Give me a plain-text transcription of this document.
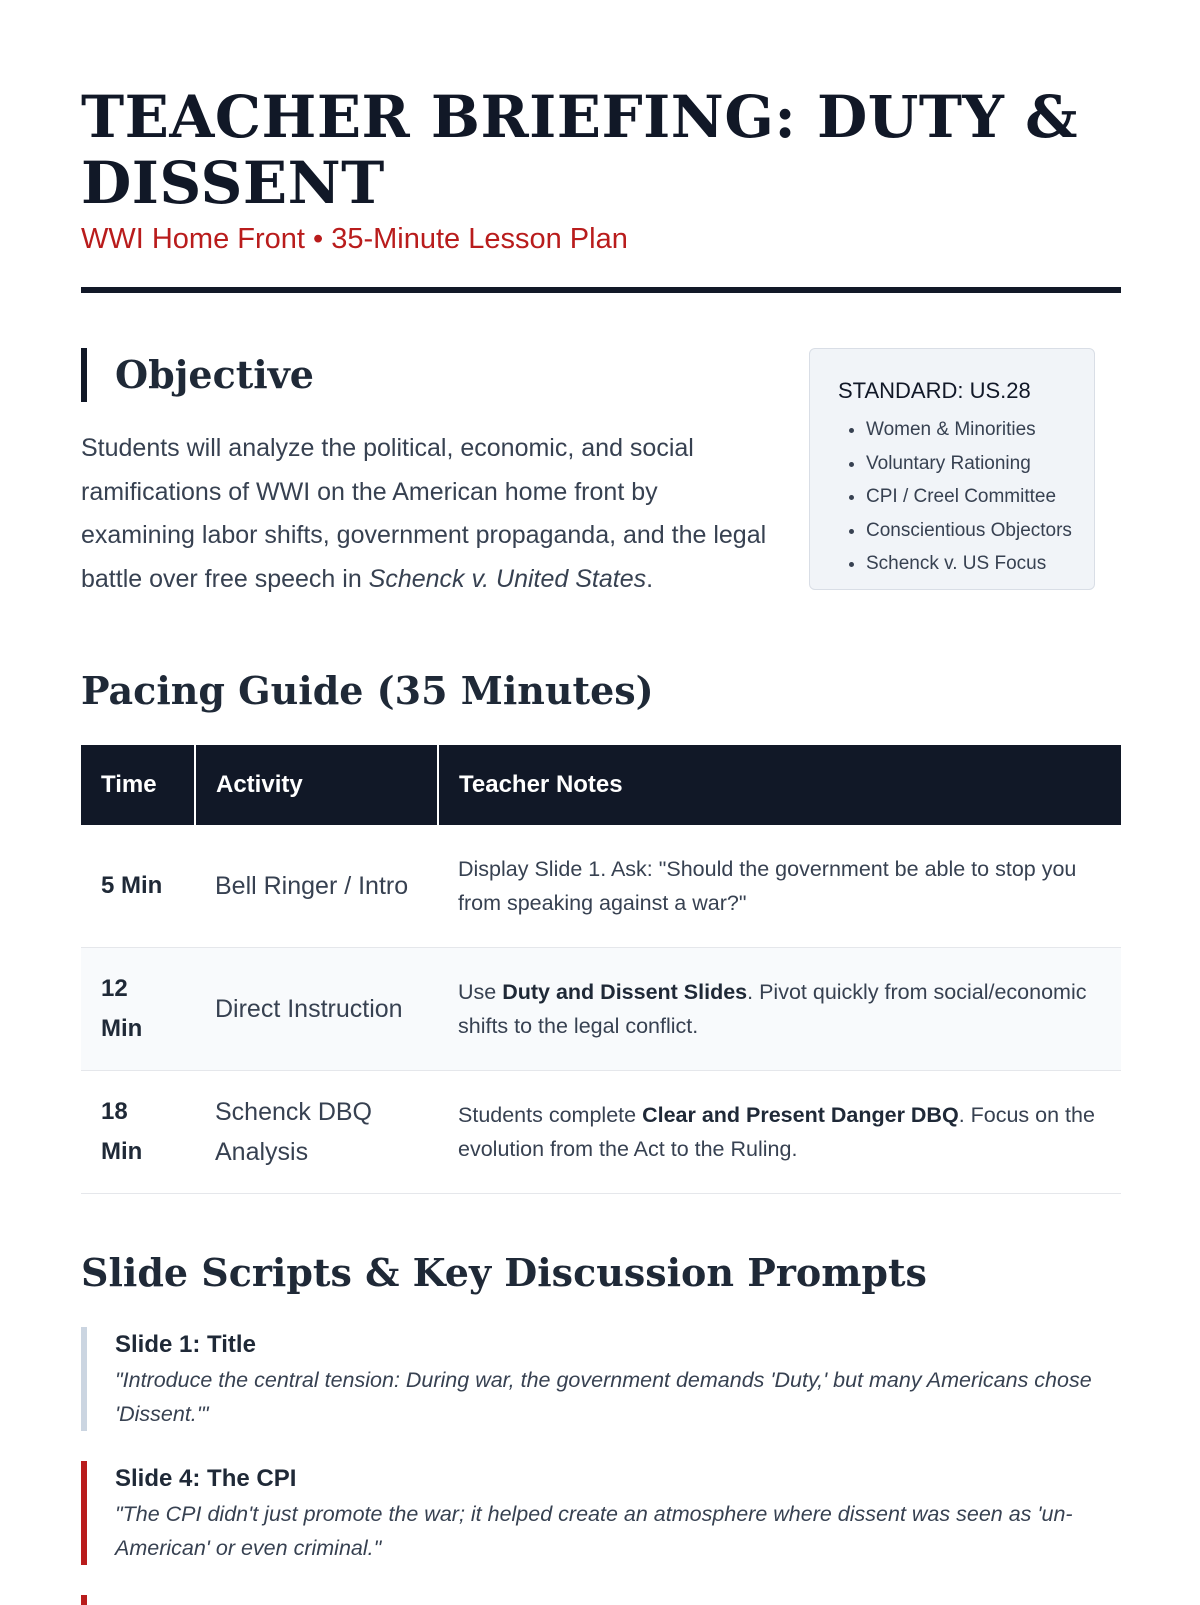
TEACHER BRIEFING: DUTY & DISSENT
WWI Home Front • 35-Minute Lesson Plan
Objective

Students will analyze the political, economic, and social ramifications of WWI on the American home front by examining labor shifts, government propaganda, and the legal battle over free speech in Schenck v. United States.

STANDARD: US.28
• Women & Minorities
• Voluntary Rationing
• CPI / Creel Committee
• Conscientious Objectors
• Schenck v. US Focus
Pacing Guide (35 Minutes)
Time	Activity	Teacher Notes
5 Min	Bell Ringer / Intro	Display Slide 1. Ask: "Should the government be able to stop you from speaking against a war?"
12 Min	Direct Instruction	Use Duty and Dissent Slides. Pivot quickly from social/economic shifts to the legal conflict.
18 Min	Schenck DBQ Analysis	Students complete Clear and Present Danger DBQ. Focus on the evolution from the Act to the Ruling.
Slide Scripts & Key Discussion Prompts
Slide 1: Title
"Introduce the central tension: During war, the government demands 'Duty,' but many Americans chose 'Dissent.'"
Slide 4: The CPI
"The CPI didn't just promote the war; it helped create an atmosphere where dissent was seen as 'un-American' or even criminal."
